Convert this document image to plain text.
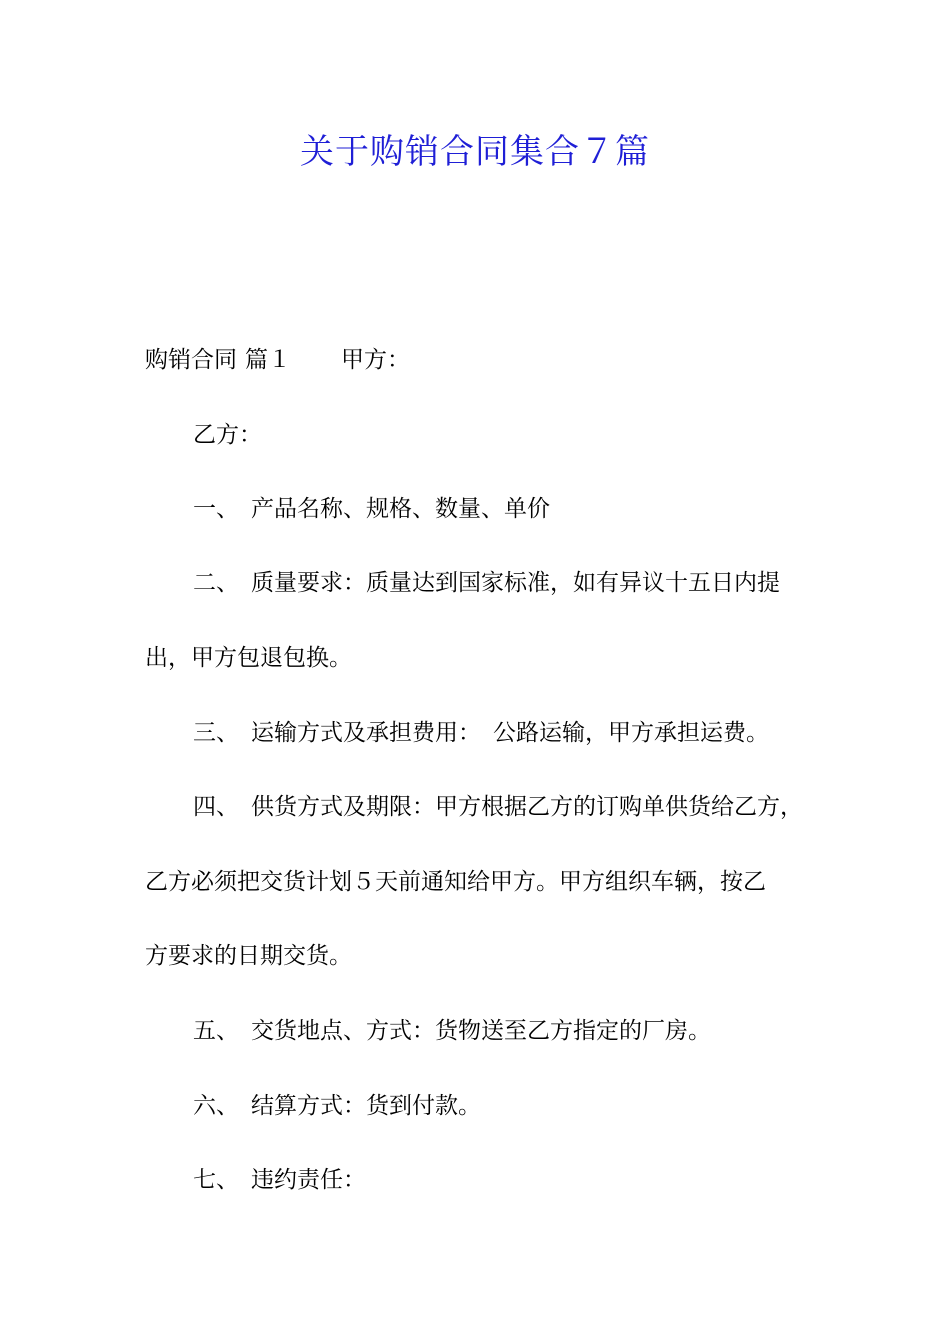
关于购销合同集合７篇
购销合同 篇１ 甲方：
乙方：
一、 产品名称、规格、数量、单价
二、 质量要求：质量达到国家标准，如有异议十五日内提
出，甲方包退包换。
三、 运输方式及承担费用： 公路运输，甲方承担运费。
四、 供货方式及期限：甲方根据乙方的订购单供货给乙方，
乙方必须把交货计划５天前通知给甲方。甲方组织车辆，按乙
方要求的日期交货。
五、 交货地点、方式：货物送至乙方指定的厂房。
六、 结算方式：货到付款。
七、 违约责任：
